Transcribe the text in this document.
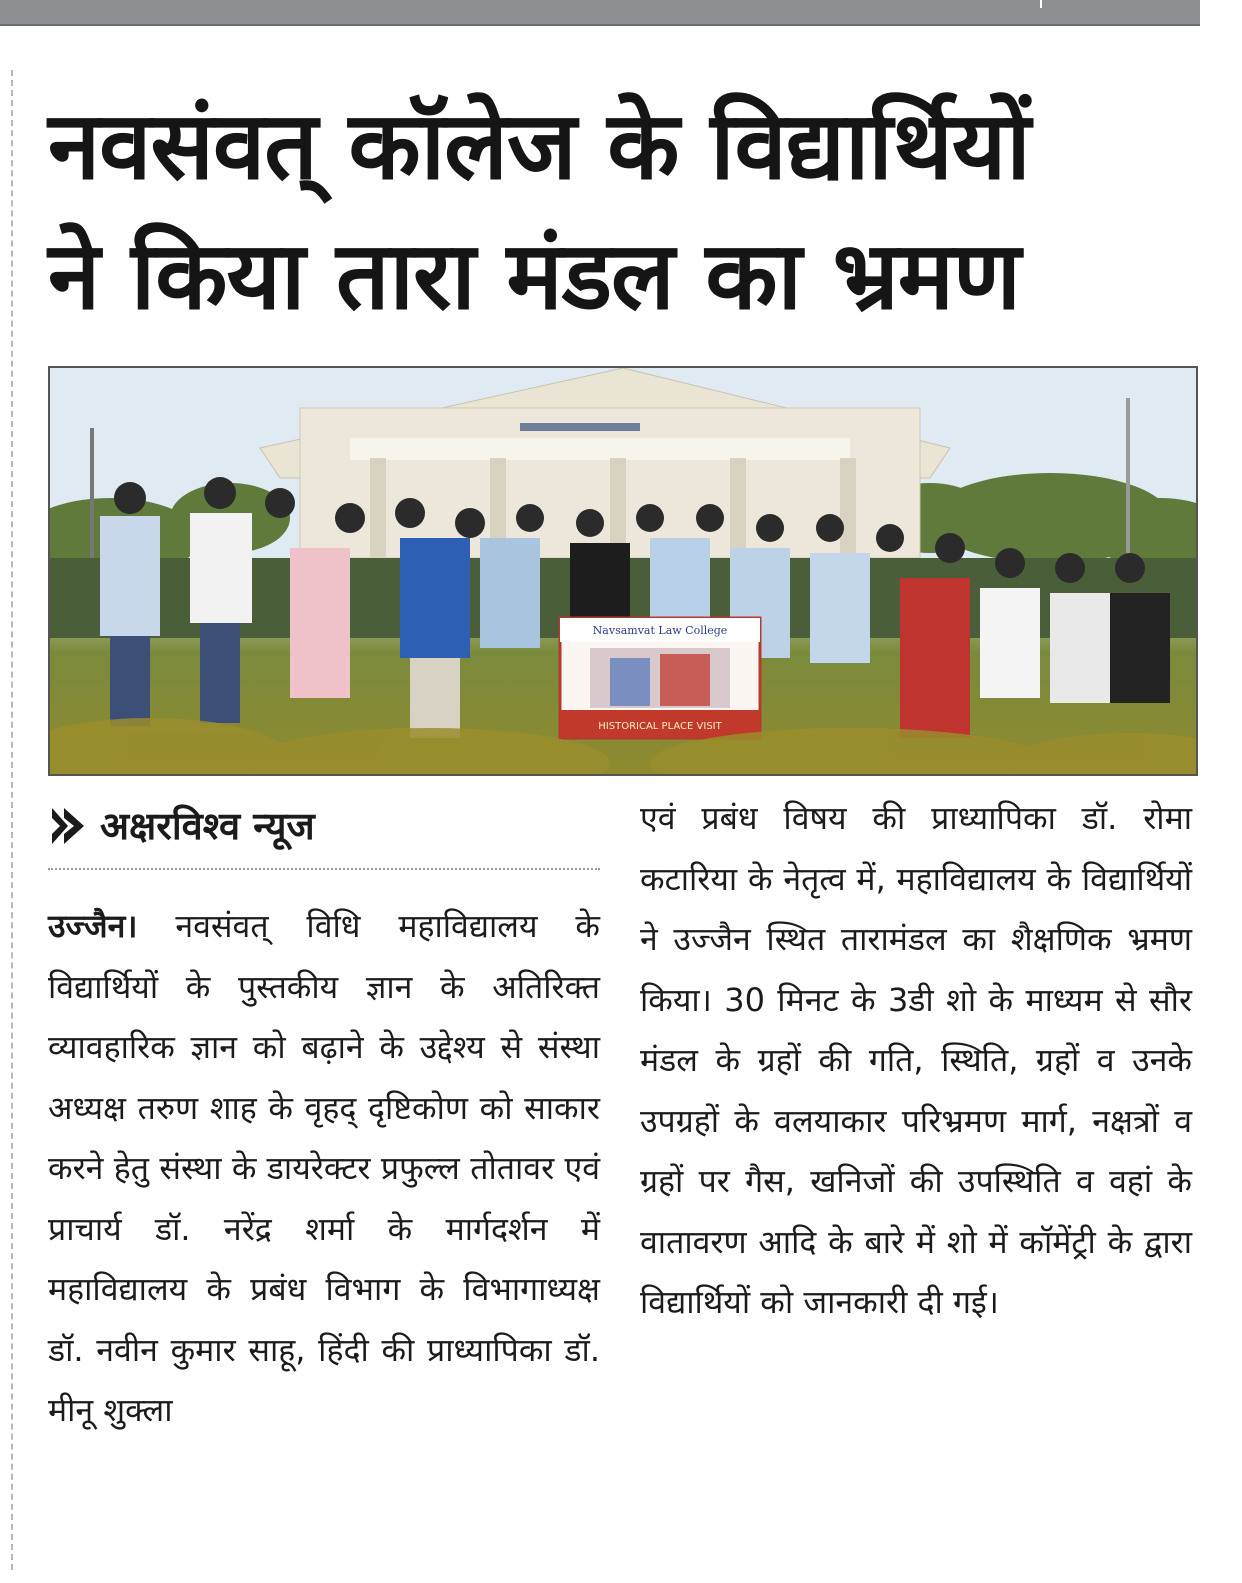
नवसंवत् कॉलेज के विद्यार्थियों
ने किया तारा मंडल का भ्रमण
Navsamvat Law College
HISTORICAL PLACE VISIT
अक्षरविश्व न्यूज

उज्जैन। नवसंवत् विधि महाविद्यालय के विद्यार्थियों के पुस्तकीय ज्ञान के अतिरिक्त व्यावहारिक ज्ञान को बढ़ाने के उद्देश्य से संस्था अध्यक्ष तरुण शाह के वृहद् दृष्टिकोण को साकार करने हेतु संस्था के डायरेक्टर प्रफुल्ल तोतावर एवं प्राचार्य डॉ. नरेंद्र शर्मा के मार्गदर्शन में महाविद्यालय के प्रबंध विभाग के विभागाध्यक्ष डॉ. नवीन कुमार साहू, हिंदी की प्राध्यापिका डॉ. मीनू शुक्ला

एवं प्रबंध विषय की प्राध्यापिका डॉ. रोमा कटारिया के नेतृत्व में, महाविद्यालय के विद्यार्थियों ने उज्जैन स्थित तारामंडल का शैक्षणिक भ्रमण किया। 30 मिनट के 3डी शो के माध्यम से सौर मंडल के ग्रहों की गति, स्थिति, ग्रहों व उनके उपग्रहों के वलयाकार परिभ्रमण मार्ग, नक्षत्रों व ग्रहों पर गैस, खनिजों की उपस्थिति व वहां के वातावरण आदि के बारे में शो में कॉमेंट्री के द्वारा विद्यार्थियों को जानकारी दी गई।
